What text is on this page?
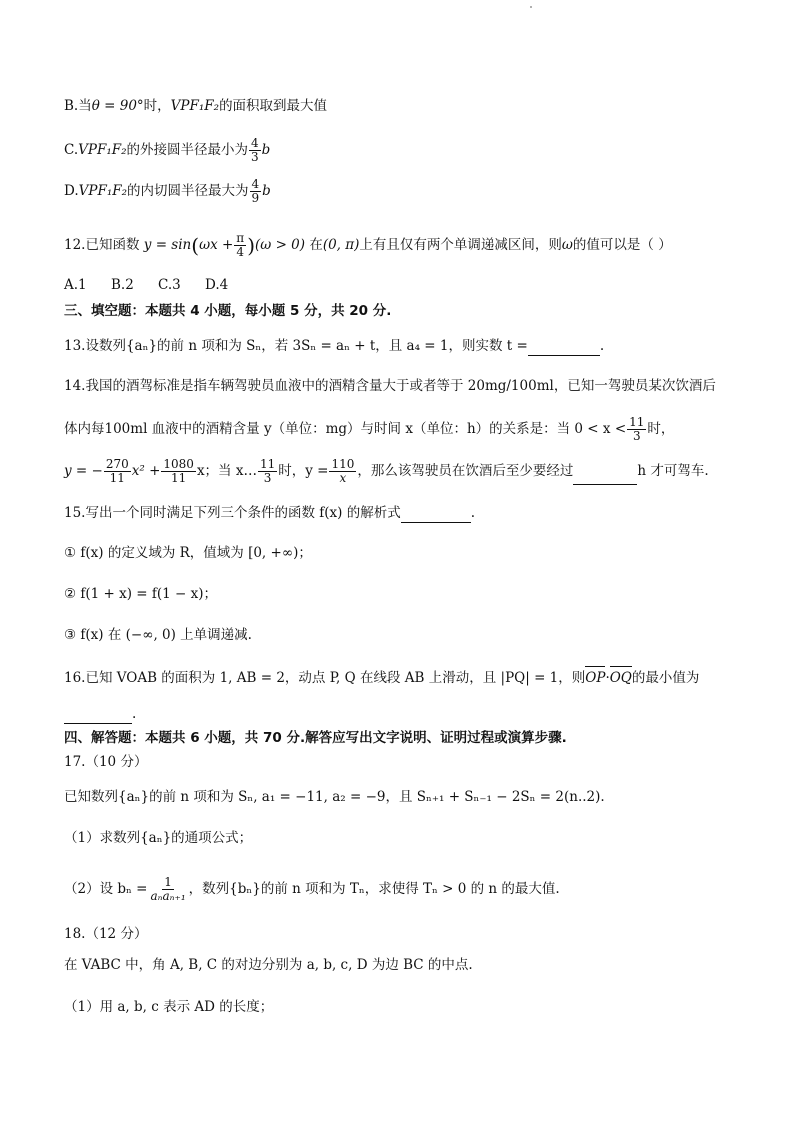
B.当θ = 90°时，VPF₁F₂的面积取到最大值
C.VPF₁F₂的外接圆半径最小为 $\frac{4}{3}$ b
D.VPF₁F₂的内切圆半径最大为 $\frac{4}{9}$ b
12.已知函数 $y = \sin(\omega x + \frac{\pi}{4} )(\omega > 0)$ 在(0, π)上有且仅有两个单调递减区间，则ω的值可以是（ ）
A.1 B.2 C.3 D.4
三、填空题：本题共 4 小题，每小题 5 分，共 20 分.
13.设数列{aₙ}的前 n 项和为 Sₙ，若 3Sₙ = aₙ + t，且 a₄ = 1，则实数 t =	.
14.我国的酒驾标准是指车辆驾驶员血液中的酒精含量大于或者等于 20mg/100ml，已知一驾驶员某次饮酒后
体内每100ml 血液中的酒精含量 y（单位：mg）与时间 x（单位：h）的关系是：当 $0 < x < \frac{11}{3}$ 时，
y = − $\frac{270}{11} x^2 + \frac{1080}{11}$ x；当 x… $\frac{11}{3}$ 时，$y = \frac{110}{x}$ ，那么该驾驶员在饮酒后至少要经过	h 才可驾车.
15.写出一个同时满足下列三个条件的函数 f(x) 的解析式	.
① f(x) 的定义域为 R，值域为 [0, +∞)；
② f(1 + x) = f(1 − x)；
③ f(x) 在 (−∞, 0) 上单调递减.
16.已知 VOAB 的面积为 1, AB = 2，动点 P, Q 在线段 AB 上滑动，且 |PQ| = 1，则OP·OQ的最小值为
.
四、解答题：本题共 6 小题，共 70 分.解答应写出文字说明、证明过程或演算步骤.
17.（10 分）
已知数列{aₙ}的前 n 项和为 Sₙ, a₁ = −11, a₂ = −9，且 Sₙ₊₁ + Sₙ₋₁ − 2Sₙ = 2(n..2).
（1）求数列{aₙ}的通项公式；
（2）设 $b_n = \frac{1}{\text{aₙaₙ₊₁}}$ ，数列{bₙ}的前 n 项和为 Tₙ，求使得 Tₙ > 0 的 n 的最大值.
18.（12 分）
在 VABC 中，角 A, B, C 的对边分别为 a, b, c, D 为边 BC 的中点.
（1）用 a, b, c 表示 AD 的长度；
